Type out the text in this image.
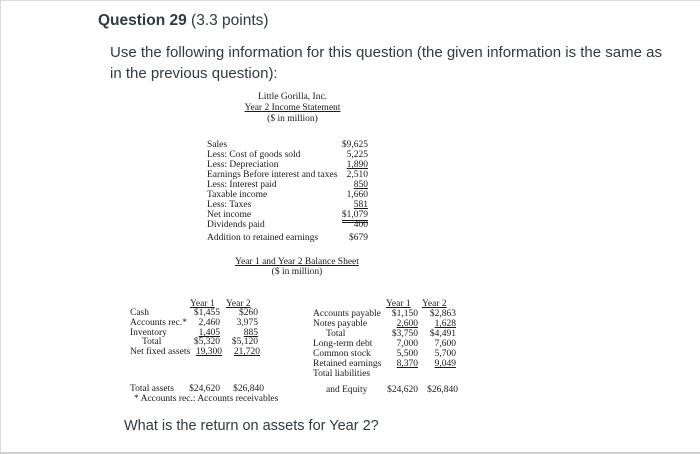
Question 29 (3.3 points)
Use the following information for this question (the given information is the same as in the previous question):
Little Gorilla, Inc.
Year 2 Income Statement
($ in million)
Sales	$9,625
Less: Cost of goods sold	5,225
Less: Depreciation	1,890
Earnings Before interest and taxes 2,510
Less: Interest paid	850
Taxable income	1,660
Less: Taxes	581
Net income	$1,079
Dividends paid	400
Addition to retained earnings	$679
Year 1 and Year 2 Balance Sheet
($ in million)
Year 1 Year 2
Cash	$1,455	$260
Accounts rec.*	2,460	3,975
Inventory	1,405	885
Total	$5,320	$5,120
Net fixed assets 19,300	21,720
Total assets	$24,620	$26,840
* Accounts rec.: Accounts receivables
Year 1 Year 2
Accounts payable	$1,150	$2,863
Notes payable	2,600	1,628
Total	$3,750	$4,491
Long-term debt	7,000	7,600
Common stock	5,500	5,700
Retained earnings	8,370	9,049
Total liabilities
and Equity	$24,620 $26,840
What is the return on assets for Year 2?
